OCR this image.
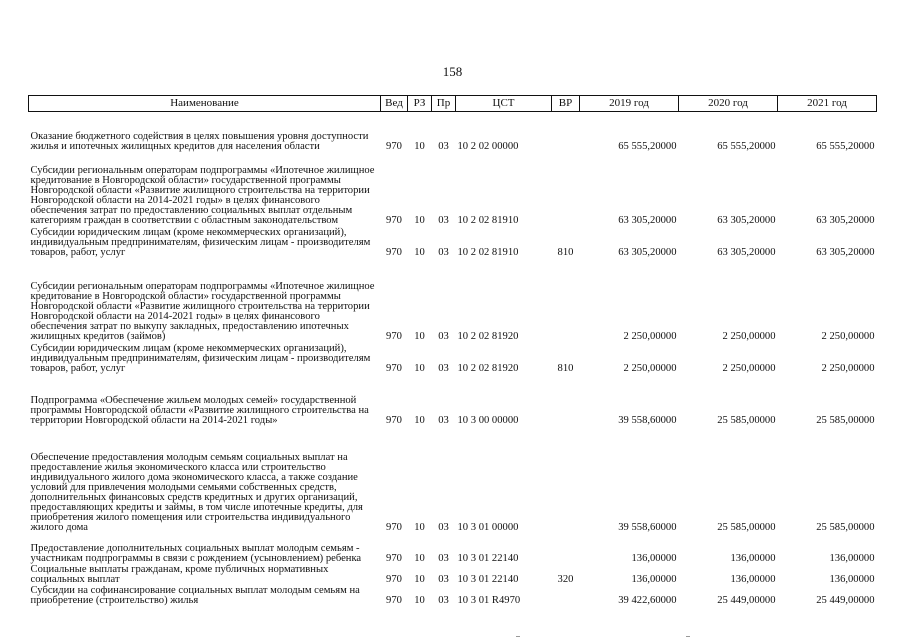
158
Наименование	Вед	РЗ	Пр	ЦСТ	ВР	2019 год	2020 год	2021 год
Оказание бюджетного содействия в целях повышения уровня доступности жилья и ипотечных жилищных кредитов для населения области	970	10	03	10 2 02 00000		65 555,20000	65 555,20000	65 555,20000
Субсидии региональным операторам подпрограммы «Ипотечное жилищное кредитование в Новгородской области» государственной программы Новгородской области «Развитие жилищного строительства на территории Новгородской области на 2014-2021 годы» в целях финансового обеспечения затрат по предоставлению социальных выплат отдельным категориям граждан в соответствии с областным законодательством	970	10	03	10 2 02 81910		63 305,20000	63 305,20000	63 305,20000
Субсидии юридическим лицам (кроме некоммерческих организаций), индивидуальным предпринимателям, физическим лицам - производителям товаров, работ, услуг	970	10	03	10 2 02 81910	810	63 305,20000	63 305,20000	63 305,20000
Субсидии региональным операторам подпрограммы «Ипотечное жилищное кредитование в Новгородской области» государственной программы Новгородской области «Развитие жилищного строительства на территории Новгородской области на 2014-2021 годы» в целях финансового обеспечения затрат по выкупу закладных, предоставлению ипотечных жилищных кредитов (займов)	970	10	03	10 2 02 81920		2 250,00000	2 250,00000	2 250,00000
Субсидии юридическим лицам (кроме некоммерческих организаций), индивидуальным предпринимателям, физическим лицам - производителям товаров, работ, услуг	970	10	03	10 2 02 81920	810	2 250,00000	2 250,00000	2 250,00000
Подпрограмма «Обеспечение жильем молодых семей» государственной программы Новгородской области «Развитие жилищного строительства на территории Новгородской области на 2014-2021 годы»	970	10	03	10 3 00 00000		39 558,60000	25 585,00000	25 585,00000
Обеспечение предоставления молодым семьям социальных выплат на предоставление жилья экономического класса или строительство индивидуального жилого дома экономического класса, а также создание условий для привлечения молодыми семьями собственных средств, дополнительных финансовых средств кредитных и других организаций, предоставляющих кредиты и займы, в том числе ипотечные кредиты, для приобретения жилого помещения или строительства индивидуального жилого дома	970	10	03	10 3 01 00000		39 558,60000	25 585,00000	25 585,00000
Предоставление дополнительных социальных выплат молодым семьям - участникам подпрограммы в связи с рождением (усыновлением) ребенка	970	10	03	10 3 01 22140		136,00000	136,00000	136,00000
Социальные выплаты гражданам, кроме публичных нормативных социальных выплат	970	10	03	10 3 01 22140	320	136,00000	136,00000	136,00000
Субсидии на софинансирование социальных выплат молодым семьям на приобретение (строительство) жилья	970	10	03	10 3 01 R4970		39 422,60000	25 449,00000	25 449,00000
